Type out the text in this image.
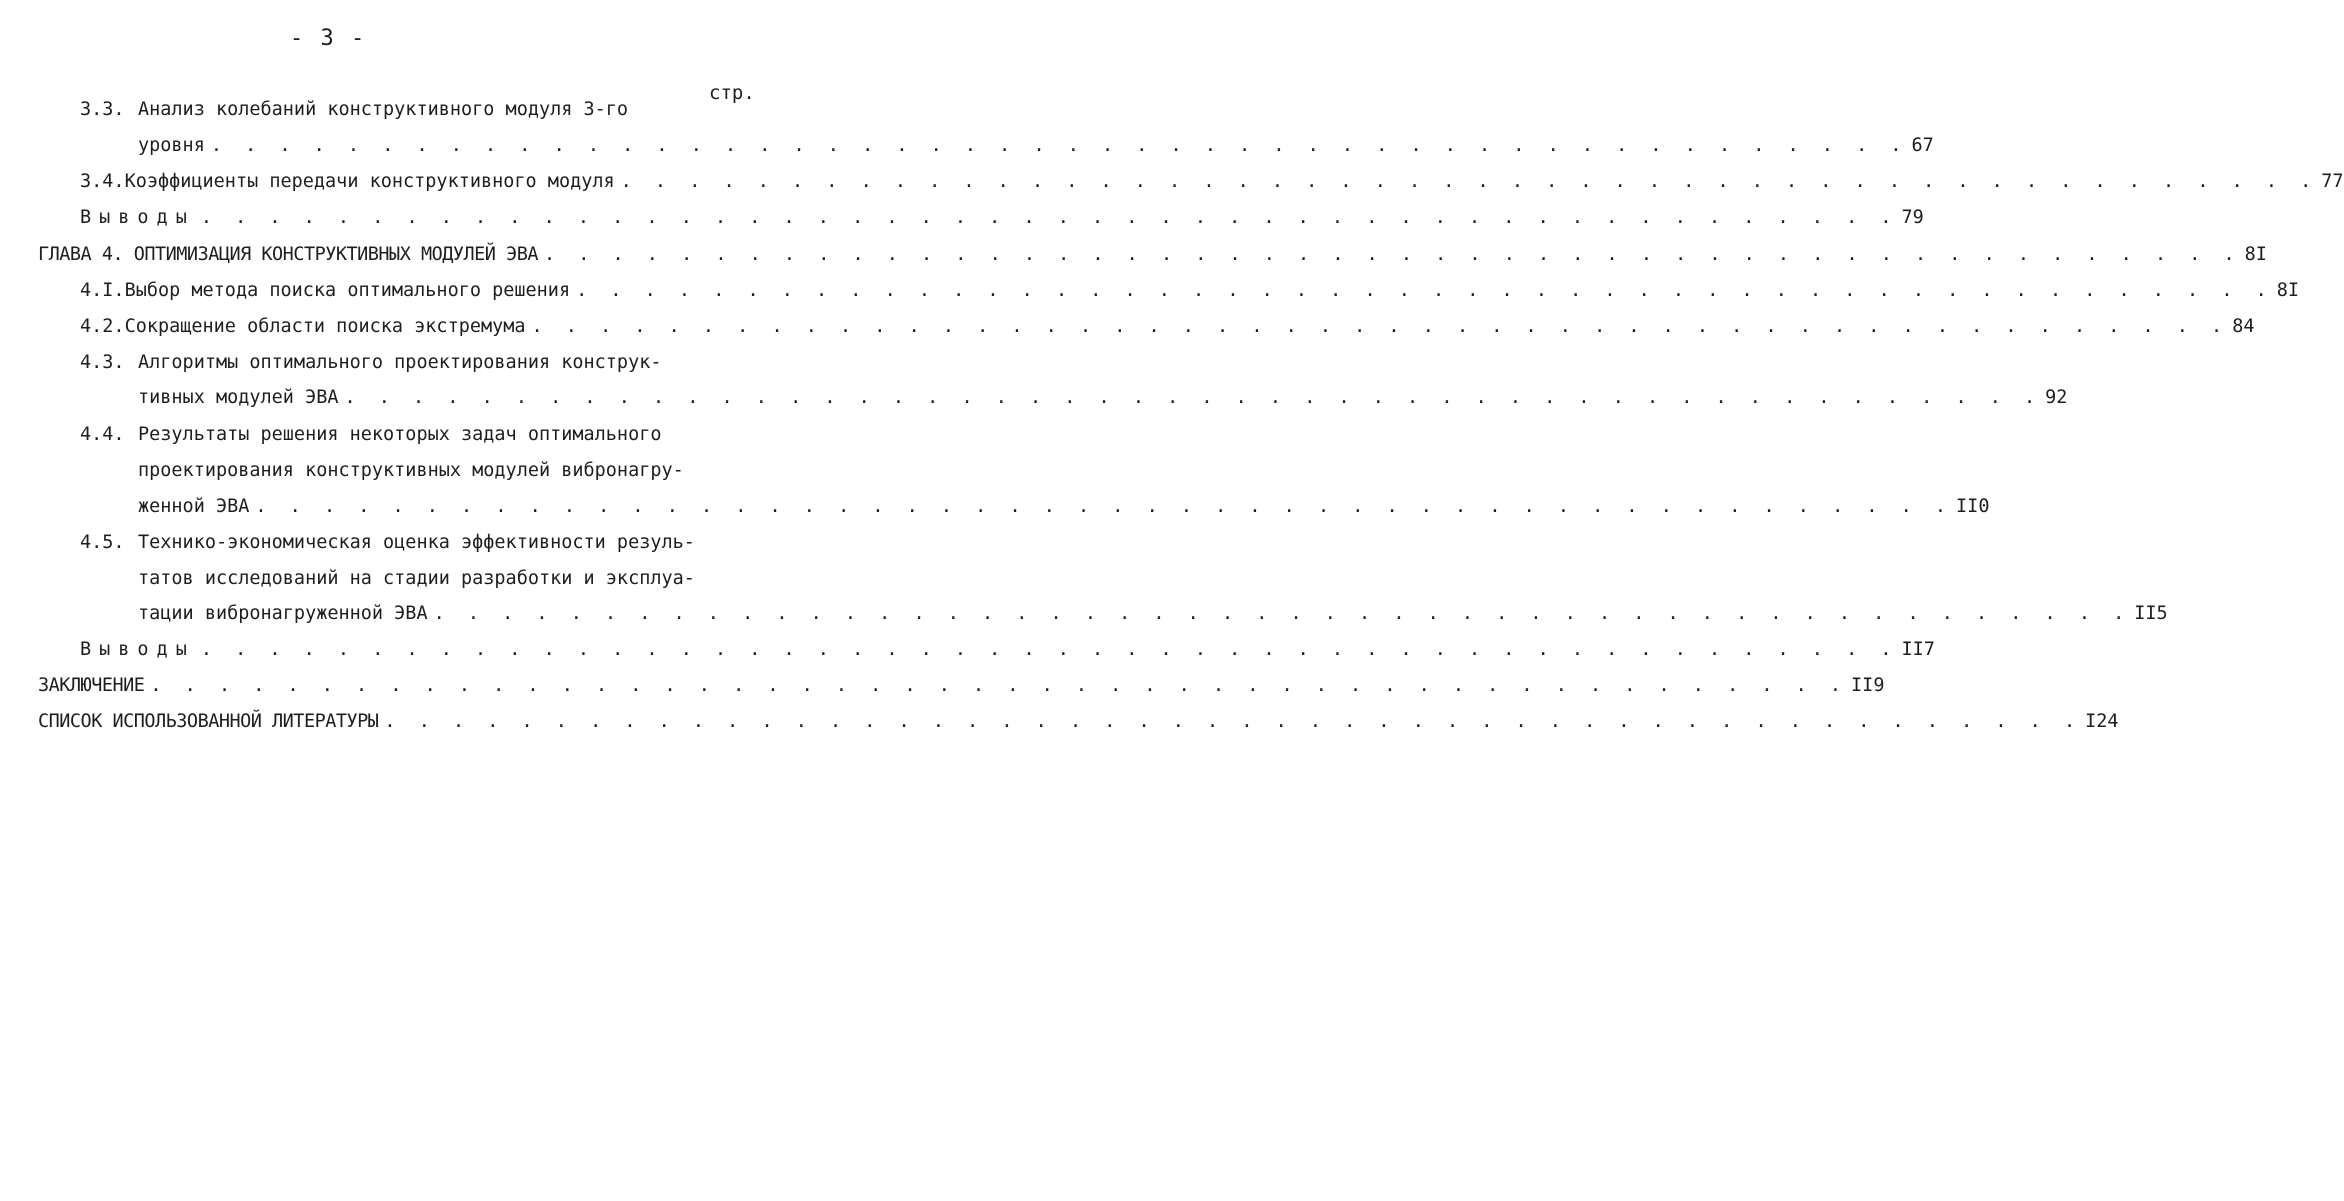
- 3 -
стр.
3.3. Анализ колебаний конструктивного модуля 3-го
уровня . . . . . . . . . . . . . . . . . . . . . . . . . . . . . . . . . . . . . . . . . . . . . . . . . . 67
3.4. Коэффициенты передачи конструктивного модуля . . . . . . . . . . . . . . . . . . . . . . . . . . . . . . . . . . . . . . . . . . . . . . . . . . 77
Выводы . . . . . . . . . . . . . . . . . . . . . . . . . . . . . . . . . . . . . . . . . . . . . . . . . . 79
ГЛАВА 4. ОПТИМИЗАЦИЯ КОНСТРУКТИВНЫХ МОДУЛЕЙ ЭВА . . . . . . . . . . . . . . . . . . . . . . . . . . . . . . . . . . . . . . . . . . . . . . . . . . 8I
4.I. Выбор метода поиска оптимального решения . . . . . . . . . . . . . . . . . . . . . . . . . . . . . . . . . . . . . . . . . . . . . . . . . . 8I
4.2. Сокращение области поиска экстремума . . . . . . . . . . . . . . . . . . . . . . . . . . . . . . . . . . . . . . . . . . . . . . . . . . 84
4.3. Алгоритмы оптимального проектирования конструк-
тивных модулей ЭВА . . . . . . . . . . . . . . . . . . . . . . . . . . . . . . . . . . . . . . . . . . . . . . . . . . 92
4.4. Результаты решения некоторых задач оптимального
проектирования конструктивных модулей вибронагру-
женной ЭВА . . . . . . . . . . . . . . . . . . . . . . . . . . . . . . . . . . . . . . . . . . . . . . . . . . II0
4.5. Технико-экономическая оценка эффективности резуль-
татов исследований на стадии разработки и эксплуа-
тации вибронагруженной ЭВА . . . . . . . . . . . . . . . . . . . . . . . . . . . . . . . . . . . . . . . . . . . . . . . . . . II5
Выводы . . . . . . . . . . . . . . . . . . . . . . . . . . . . . . . . . . . . . . . . . . . . . . . . . . II7
ЗАКЛЮЧЕНИЕ . . . . . . . . . . . . . . . . . . . . . . . . . . . . . . . . . . . . . . . . . . . . . . . . . . II9
СПИСОК ИСПОЛЬЗОВАННОЙ ЛИТЕРАТУРЫ . . . . . . . . . . . . . . . . . . . . . . . . . . . . . . . . . . . . . . . . . . . . . . . . . . I24
